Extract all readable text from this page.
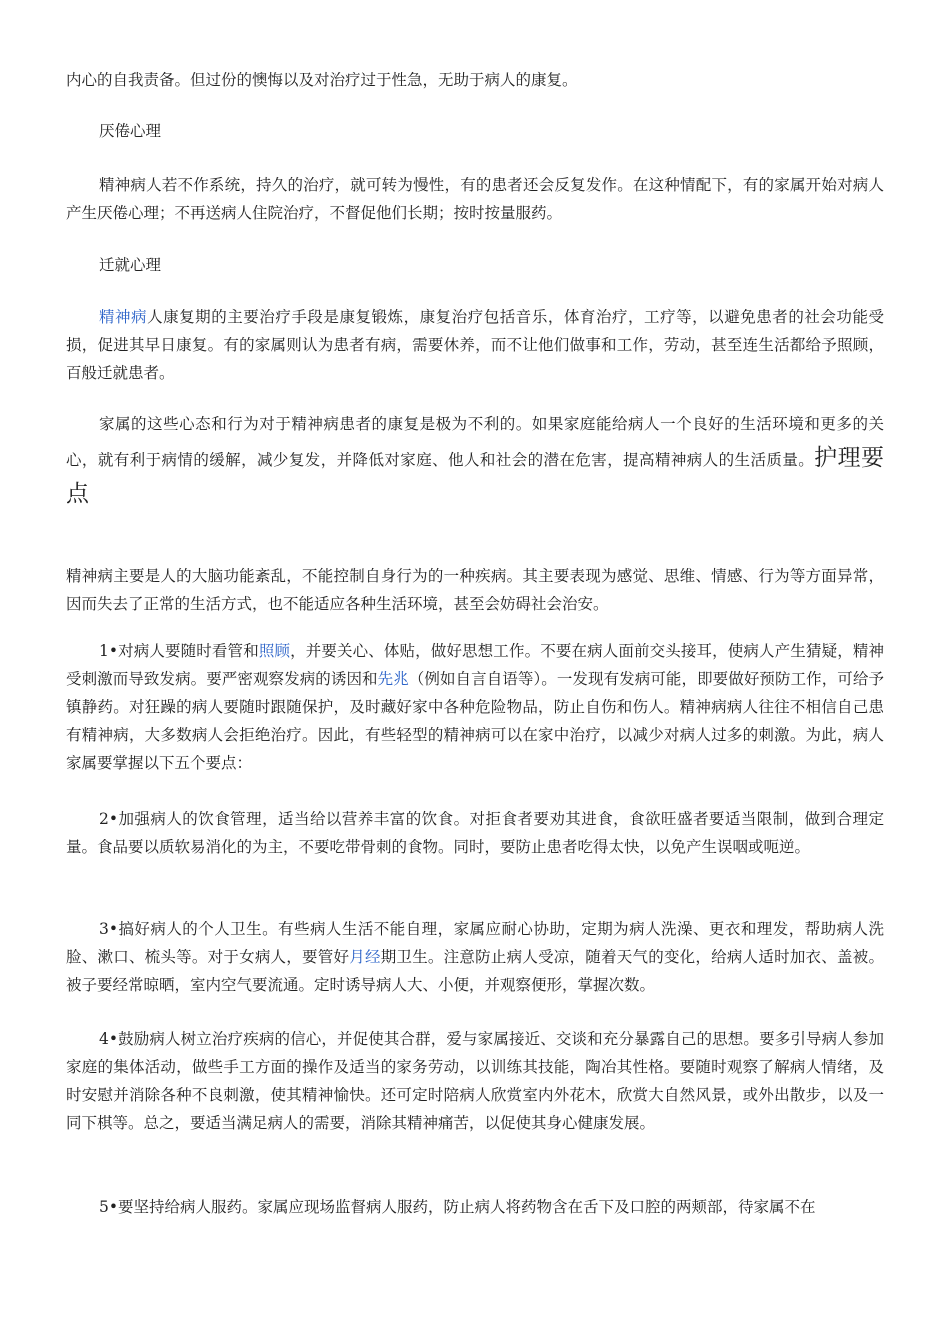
内心的自我责备。但过份的懊悔以及对治疗过于性急，无助于病人的康复。

厌倦心理

精神病人若不作系统，持久的治疗，就可转为慢性，有的患者还会反复发作。在这种情配下，有的家属开始对病人产生厌倦心理；不再送病人住院治疗，不督促他们长期；按时按量服药。

迁就心理

精神病人康复期的主要治疗手段是康复锻炼，康复治疗包括音乐，体育治疗，工疗等，以避免患者的社会功能受损，促进其早日康复。有的家属则认为患者有病，需要休养，而不让他们做事和工作，劳动，甚至连生活都给予照顾，百般迁就患者。

家属的这些心态和行为对于精神病患者的康复是极为不利的。如果家庭能给病人一个良好的生活环境和更多的关心，就有利于病情的缓解，减少复发，并降低对家庭、他人和社会的潜在危害，提高精神病人的生活质量。护理要点

精神病主要是人的大脑功能紊乱，不能控制自身行为的一种疾病。其主要表现为感觉、思维、情感、行为等方面异常，因而失去了正常的生活方式，也不能适应各种生活环境，甚至会妨碍社会治安。

1•对病人要随时看管和照顾，并要关心、体贴，做好思想工作。不要在病人面前交头接耳，使病人产生猜疑，精神受刺激而导致发病。要严密观察发病的诱因和先兆（例如自言自语等）。一发现有发病可能，即要做好预防工作，可给予镇静药。对狂躁的病人要随时跟随保护，及时藏好家中各种危险物品，防止自伤和伤人。精神病病人往往不相信自己患有精神病，大多数病人会拒绝治疗。因此，有些轻型的精神病可以在家中治疗，以减少对病人过多的刺激。为此，病人家属要掌握以下五个要点：

2•加强病人的饮食管理，适当给以营养丰富的饮食。对拒食者要劝其进食，食欲旺盛者要适当限制，做到合理定量。食品要以质软易消化的为主，不要吃带骨刺的食物。同时，要防止患者吃得太快，以免产生误咽或呃逆。

3•搞好病人的个人卫生。有些病人生活不能自理，家属应耐心协助，定期为病人洗澡、更衣和理发，帮助病人洗脸、漱口、梳头等。对于女病人，要管好月经期卫生。注意防止病人受凉，随着天气的变化，给病人适时加衣、盖被。被子要经常晾晒，室内空气要流通。定时诱导病人大、小便，并观察便形，掌握次数。

4•鼓励病人树立治疗疾病的信心，并促使其合群，爱与家属接近、交谈和充分暴露自己的思想。要多引导病人参加家庭的集体活动，做些手工方面的操作及适当的家务劳动，以训练其技能，陶冶其性格。要随时观察了解病人情绪，及时安慰并消除各种不良刺激，使其精神愉快。还可定时陪病人欣赏室内外花木，欣赏大自然风景，或外出散步，以及一同下棋等。总之，要适当满足病人的需要，消除其精神痛苦，以促使其身心健康发展。

5•要坚持给病人服药。家属应现场监督病人服药，防止病人将药物含在舌下及口腔的两颊部，待家属不在
